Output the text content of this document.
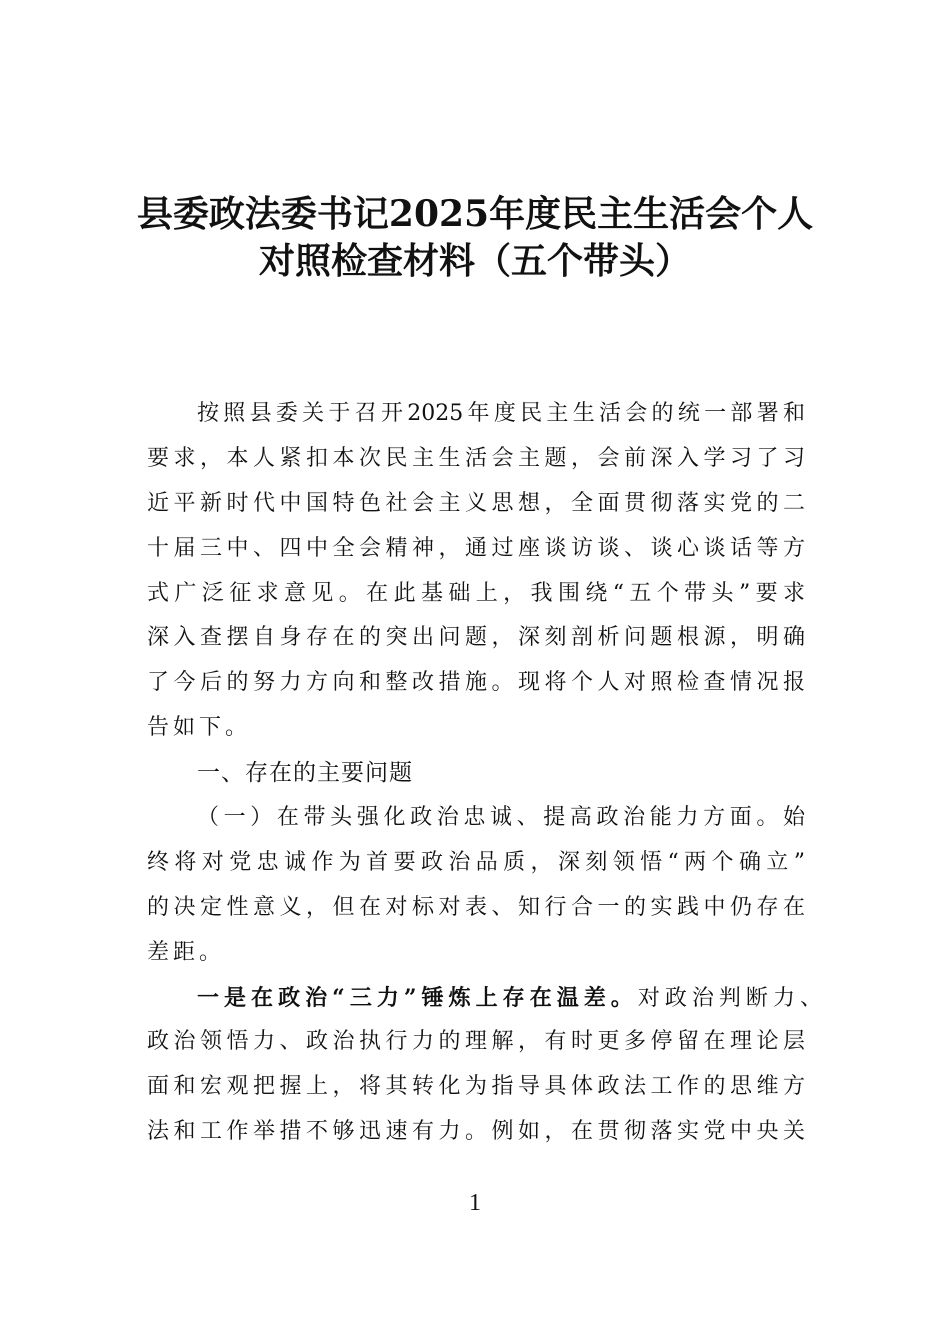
县委政法委书记2025年度民主生活会个人
对照检查材料（五个带头）
按照县委关于召开2025年度民主生活会的统一部署和
要求，本人紧扣本次民主生活会主题，会前深入学习了习
近平新时代中国特色社会主义思想，全面贯彻落实党的二
十届三中、四中全会精神，通过座谈访谈、谈心谈话等方
式广泛征求意见。在此基础上，我围绕“五个带头”要求
深入查摆自身存在的突出问题，深刻剖析问题根源，明确
了今后的努力方向和整改措施。现将个人对照检查情况报
告如下。
一、存在的主要问题
（一）在带头强化政治忠诚、提高政治能力方面。始
终将对党忠诚作为首要政治品质，深刻领悟“两个确立”
的决定性意义，但在对标对表、知行合一的实践中仍存在
差距。
一是在政治“三力”锤炼上存在温差。对政治判断力、
政治领悟力、政治执行力的理解，有时更多停留在理论层
面和宏观把握上，将其转化为指导具体政法工作的思维方
法和工作举措不够迅速有力。例如，在贯彻落实党中央关
1
